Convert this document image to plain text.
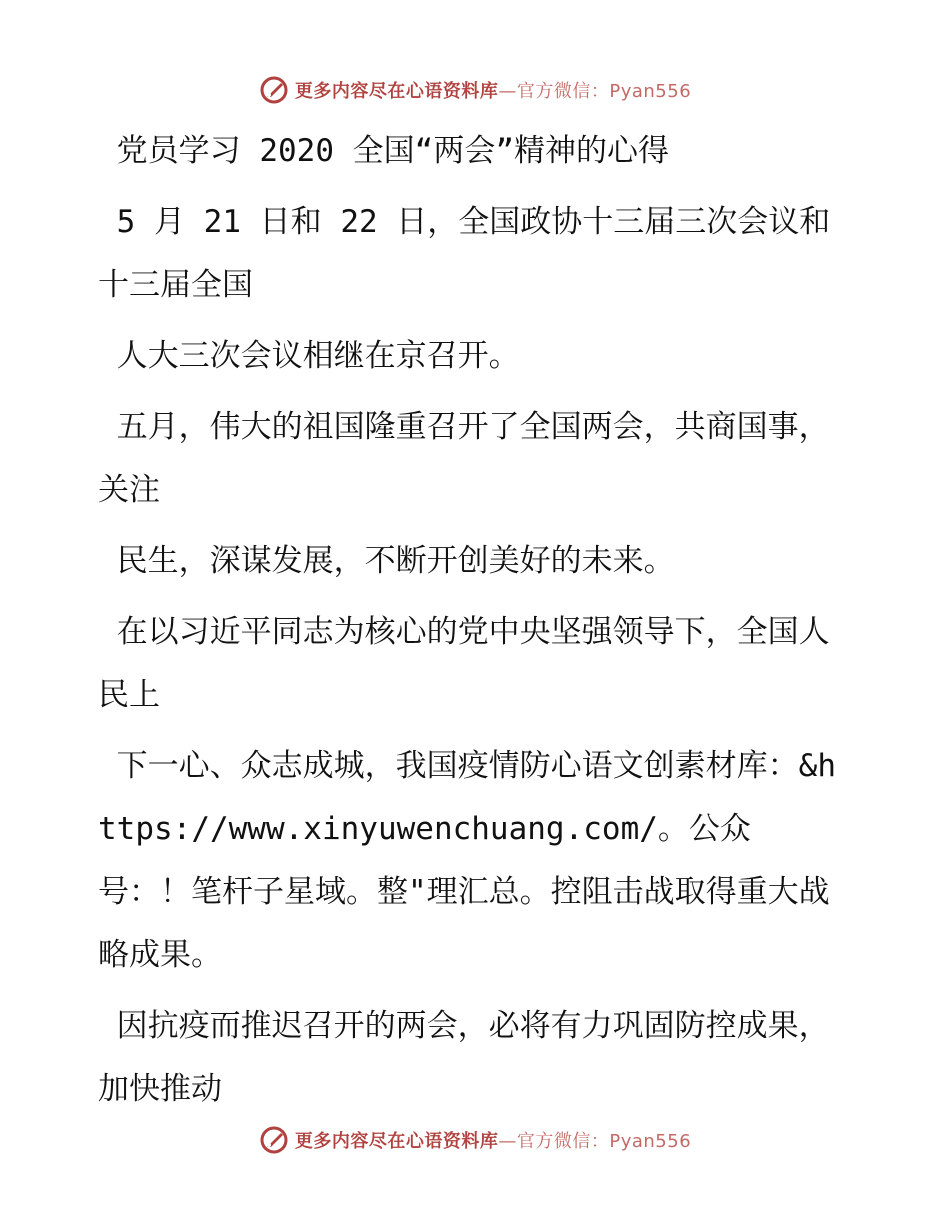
更多内容尽在心语资料库—官方微信：Pyan556

党员学习 2020 全国“两会”精神的心得

5 月 21 日和 22 日，全国政协十三届三次会议和十三届全国

人大三次会议相继在京召开。

五月，伟大的祖国隆重召开了全国两会，共商国事，关注

民生，深谋发展，不断开创美好的未来。

在以习近平同志为核心的党中央坚强领导下，全国人民上

下一心、众志成城，我国疫情防心语文创素材库：&https://www.xinyuwenchuang.com/。公众号：！笔杆子星域。整"理汇总。控阻击战取得重大战略成果。

因抗疫而推迟召开的两会，必将有力巩固防控成果，加快推动

更多内容尽在心语资料库—官方微信：Pyan556
